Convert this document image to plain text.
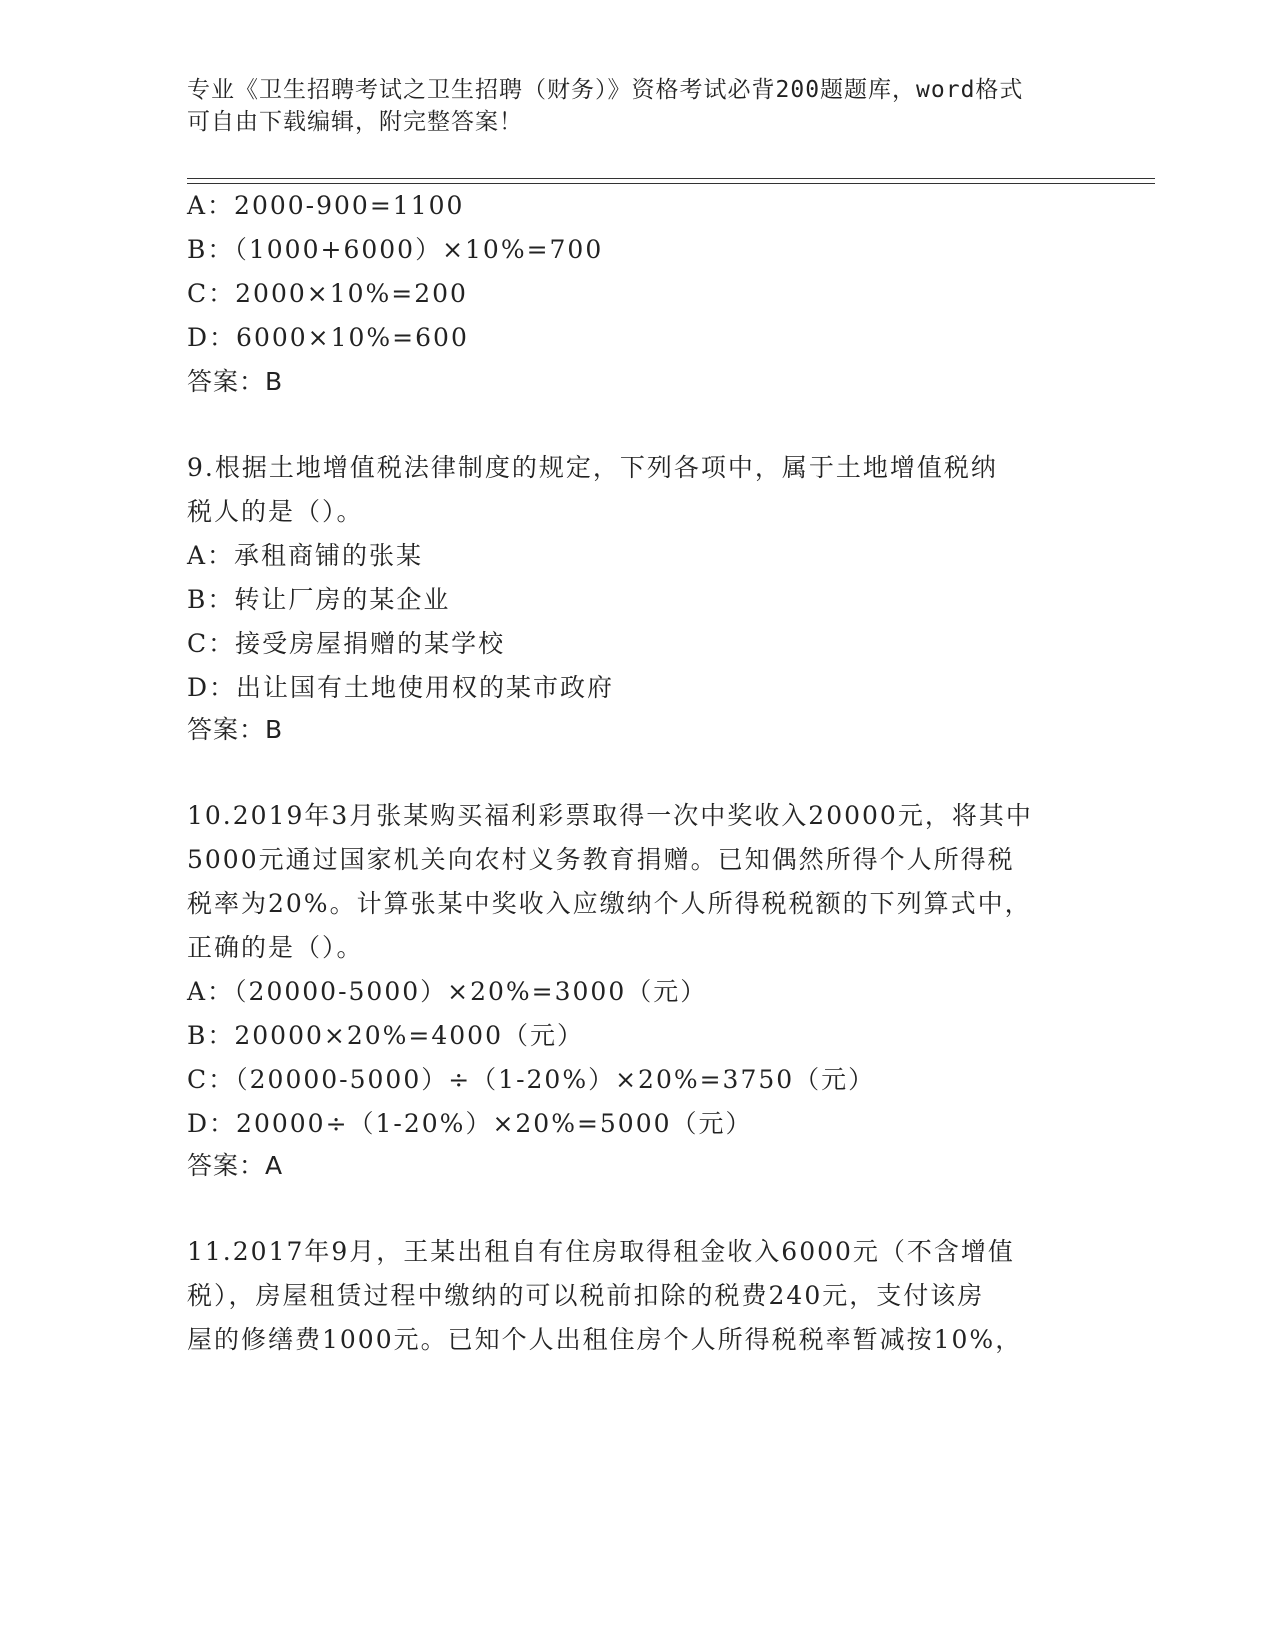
专业《卫生招聘考试之卫生招聘（财务）》资格考试必背200题题库，word格式
可自由下载编辑，附完整答案！
A：2000-900=1100
B：（1000+6000）×10%=700
C：2000×10%=200
D：6000×10%=600
答案：B
9.根据土地增值税法律制度的规定，下列各项中，属于土地增值税纳
税人的是（）。
A：承租商铺的张某
B：转让厂房的某企业
C：接受房屋捐赠的某学校
D：出让国有土地使用权的某市政府
答案：B
10.2019年3月张某购买福利彩票取得一次中奖收入20000元，将其中
5000元通过国家机关向农村义务教育捐赠。已知偶然所得个人所得税
税率为20%。计算张某中奖收入应缴纳个人所得税税额的下列算式中，
正确的是（）。
A：（20000-5000）×20%=3000（元）
B：20000×20%=4000（元）
C：（20000-5000）÷（1-20%）×20%=3750（元）
D：20000÷（1-20%）×20%=5000（元）
答案：A
11.2017年9月，王某出租自有住房取得租金收入6000元（不含增值
税），房屋租赁过程中缴纳的可以税前扣除的税费240元，支付该房
屋的修缮费1000元。已知个人出租住房个人所得税税率暂减按10%，
